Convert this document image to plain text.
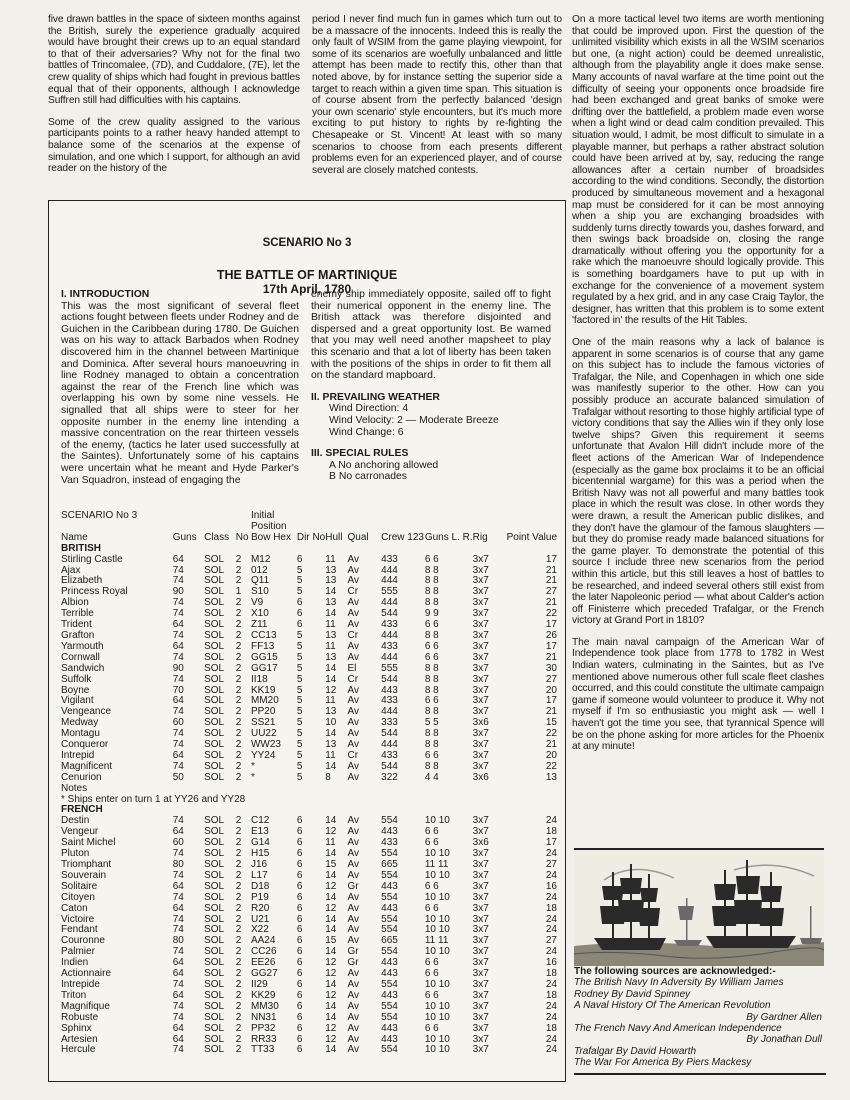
five drawn battles in the space of sixteen months against the British, surely the experience gradually acquired would have brought their crews up to an equal standard to that of their adversaries? Why not for the final two battles of Trincomalee, (7D), and Cuddalore, (7E), let the crew quality of ships which had fought in previous battles equal that of their opponents, although I acknowledge Suffren still had difficulties with his captains.

Some of the crew quality assigned to the various participants points to a rather heavy handed attempt to balance some of the scenarios at the expense of simulation, and one which I support, for although an avid reader on the history of the

period I never find much fun in games which turn out to be a massacre of the innocents. Indeed this is really the only fault of WSIM from the game playing viewpoint, for some of its scenarios are woefully unbalanced and little attempt has been made to rectify this, other than that noted above, by for instance setting the superior side a target to reach within a given time span. This situation is of course absent from the perfectly balanced 'design your own scenario' style encounters, but it's much more exciting to put history to rights by re-fighting the Chesapeake or St. Vincent! At least with so many scenarios to choose from each presents different problems even for an experienced player, and of course several are closely matched contests.

On a more tactical level two items are worth mentioning that could be improved upon. First the question of the unlimited visibility which exists in all the WSIM scenarios but one, (a night action) could be deemed unrealistic, although from the playability angle it does make sense. Many accounts of naval warfare at the time point out the difficulty of seeing your opponents once broadside fire had been exchanged and great banks of smoke were drifting over the battlefield, a problem made even worse when a light wind or dead calm condition prevailed. This situation would, I admit, be most difficult to simulate in a playable manner, but perhaps a rather abstract solution could have been arrived at by, say, reducing the range allowances after a certain number of broadsides according to the wind conditions. Secondly, the distortion produced by simultaneous movement and a hexagonal map must be considered for it can be most annoying when a ship you are exchanging broadsides with suddenly turns directly towards you, dashes forward, and then swings back broadside on, closing the range dramatically without offering you the opportunity for a rake which the manoeuvre should logically provide. This is something boardgamers have to put up with in exchange for the convenience of a movement system regulated by a hex grid, and in any case Craig Taylor, the designer, has written that this problem is to some extent 'factored in' the results of the Hit Tables.

One of the main reasons why a lack of balance is apparent in some scenarios is of course that any game on this subject has to include the famous victories of Trafalgar, the Nile, and Copenhagen in which one side was manifestly superior to the other. How can you possibly produce an accurate balanced simulation of Trafalgar without resorting to those highly artificial type of victory conditions that say the Allies win if they only lose twelve ships? Given this requirement it seems unfortunate that Avalon Hill didn't include more of the fleet actions of the American War of Independence (especially as the game box proclaims it to be an official bicentennial wargame) for this was a period when the British Navy was not all powerful and many battles took place in which the result was close. In other words they were drawn, a result the American public dislikes, and they don't have the glamour of the famous slaughters — but they do promise ready made balanced situations for the game player. To demonstrate the potential of this source I include three new scenarios from the period within this article, but this still leaves a host of battles to be researched, and indeed several others still exist from the later Napoleonic period — what about Calder's action off Finisterre which preceded Trafalgar, or the French victory at Grand Port in 1810?

The main naval campaign of the American War of Independence took place from 1778 to 1782 in West Indian waters, culminating in the Saintes, but as I've mentioned above numerous other full scale fleet clashes occurred, and this could constitute the ultimate campaign game if someone would volunteer to produce it. Why not myself if I'm so enthusiastic you might ask — well I haven't got the time you see, that tyrannical Spence will be on the phone asking for more articles for the Phoenix at any minute!

SCENARIO No 3
THE BATTLE OF MARTINIQUE
17th April, 1780
I. INTRODUCTION
This was the most significant of several fleet actions fought between fleets under Rodney and de Guichen in the Caribbean during 1780. De Guichen was on his way to attack Barbados when Rodney discovered him in the channel between Martinique and Dominica. After several hours manoeuvring in line Rodney managed to obtain a concentration against the rear of the French line which was overlapping his own by some nine vessels. He signalled that all ships were to steer for her opposite number in the enemy line intending a massive concentration on the rear thirteen vessels of the enemy, (tactics he later used successfully at the Saintes). Unfortunately some of his captains were uncertain what he meant and Hyde Parker's Van Squadron, instead of engaging the
enemy ship immediately opposite, sailed off to fight their numerical opponent in the enemy line. The British attack was therefore disjointed and dispersed and a great opportunity lost. Be warned that you may well need another mapsheet to play this scenario and that a lot of liberty has been taken with the positions of the ships in order to fit them all on the standard mapboard.
II. PREVAILING WEATHER
Wind Direction: 4
Wind Velocity: 2 — Moderate Breeze
Wind Change: 6
III. SPECIAL RULES
A No anchoring allowed
B No carronades
SCENARIO No 3				Initial							
				Position							
Name	Guns	Class	No	Bow Hex	Dir No	Hull	Qual	Crew 123	Guns L. R.	Rig	Point Value
BRITISH											
Stirling Castle	64	SOL	2	M12	6	11	Av	433	6 6	3x7	17
Ajax	74	SOL	2	012	5	13	Av	444	8 8	3x7	21
Elizabeth	74	SOL	2	Q11	5	13	Av	444	8 8	3x7	21
Princess Royal	90	SOL	1	S10	5	14	Cr	555	8 8	3x7	27
Albion	74	SOL	2	V9	6	13	Av	444	8 8	3x7	21
Terrible	74	SOL	2	X10	6	14	Av	544	9 9	3x7	22
Trident	64	SOL	2	Z11	6	11	Av	433	6 6	3x7	17
Grafton	74	SOL	2	CC13	5	13	Cr	444	8 8	3x7	26
Yarmouth	64	SOL	2	FF13	5	11	Av	433	6 6	3x7	17
Cornwall	74	SOL	2	GG15	5	13	Av	444	6 6	3x7	21
Sandwich	90	SOL	2	GG17	5	14	El	555	8 8	3x7	30
Suffolk	74	SOL	2	II18	5	14	Cr	544	8 8	3x7	27
Boyne	70	SOL	2	KK19	5	12	Av	443	8 8	3x7	20
Vigilant	64	SOL	2	MM20	5	11	Av	433	6 6	3x7	17
Vengeance	74	SOL	2	PP20	5	13	Av	444	8 8	3x7	21
Medway	60	SOL	2	SS21	5	10	Av	333	5 5	3x6	15
Montagu	74	SOL	2	UU22	5	14	Av	544	8 8	3x7	22
Conqueror	74	SOL	2	WW23	5	13	Av	444	8 8	3x7	21
Intrepid	64	SOL	2	YY24	5	11	Cr	433	6 6	3x7	20
Magnificent	74	SOL	2	*	5	14	Av	544	8 8	3x7	22
Cenurion	50	SOL	2	*	5	8	Av	322	4 4	3x6	13

Notes											
* Ships enter on turn 1 at YY26 and YY28											
FRENCH											
Destin	74	SOL	2	C12	6	14	Av	554	10 10	3x7	24
Vengeur	64	SOL	2	E13	6	12	Av	443	6 6	3x7	18
Saint Michel	60	SOL	2	G14	6	11	Av	433	6 6	3x6	17
Pluton	74	SOL	2	H15	6	14	Av	554	10 10	3x7	24
Triomphant	80	SOL	2	J16	6	15	Av	665	11 11	3x7	27
Souverain	74	SOL	2	L17	6	14	Av	554	10 10	3x7	24
Solitaire	64	SOL	2	D18	6	12	Gr	443	6 6	3x7	16
Citoyen	74	SOL	2	P19	6	14	Av	554	10 10	3x7	24
Caton	64	SOL	2	R20	6	12	Av	443	6 6	3x7	18
Victoire	74	SOL	2	U21	6	14	Av	554	10 10	3x7	24
Fendant	74	SOL	2	X22	6	14	Av	554	10 10	3x7	24
Couronne	80	SOL	2	AA24	6	15	Av	665	11 11	3x7	27
Palmier	74	SOL	2	CC26	6	14	Gr	554	10 10	3x7	24
Indien	64	SOL	2	EE26	6	12	Gr	443	6 6	3x7	16
Actionnaire	64	SOL	2	GG27	6	12	Av	443	6 6	3x7	18
Intrepide	74	SOL	2	II29	6	14	Av	554	10 10	3x7	24
Triton	64	SOL	2	KK29	6	12	Av	443	6 6	3x7	18
Magnifique	74	SOL	2	MM30	6	14	Av	554	10 10	3x7	24
Robuste	74	SOL	2	NN31	6	14	Av	554	10 10	3x7	24
Sphinx	64	SOL	2	PP32	6	12	Av	443	6 6	3x7	18
Artesien	64	SOL	2	RR33	6	12	Av	443	10 10	3x7	24
Hercule	74	SOL	2	TT33	6	14	Av	554	10 10	3x7	24

The following sources are acknowledged:-
The British Navy In Adversity By William James
Rodney By David Spinney
A Naval History Of The American Revolution
By Gardner Allen
The French Navy And American Independence
By Jonathan Dull
Trafalgar By David Howarth
The War For America By Piers Mackesy
